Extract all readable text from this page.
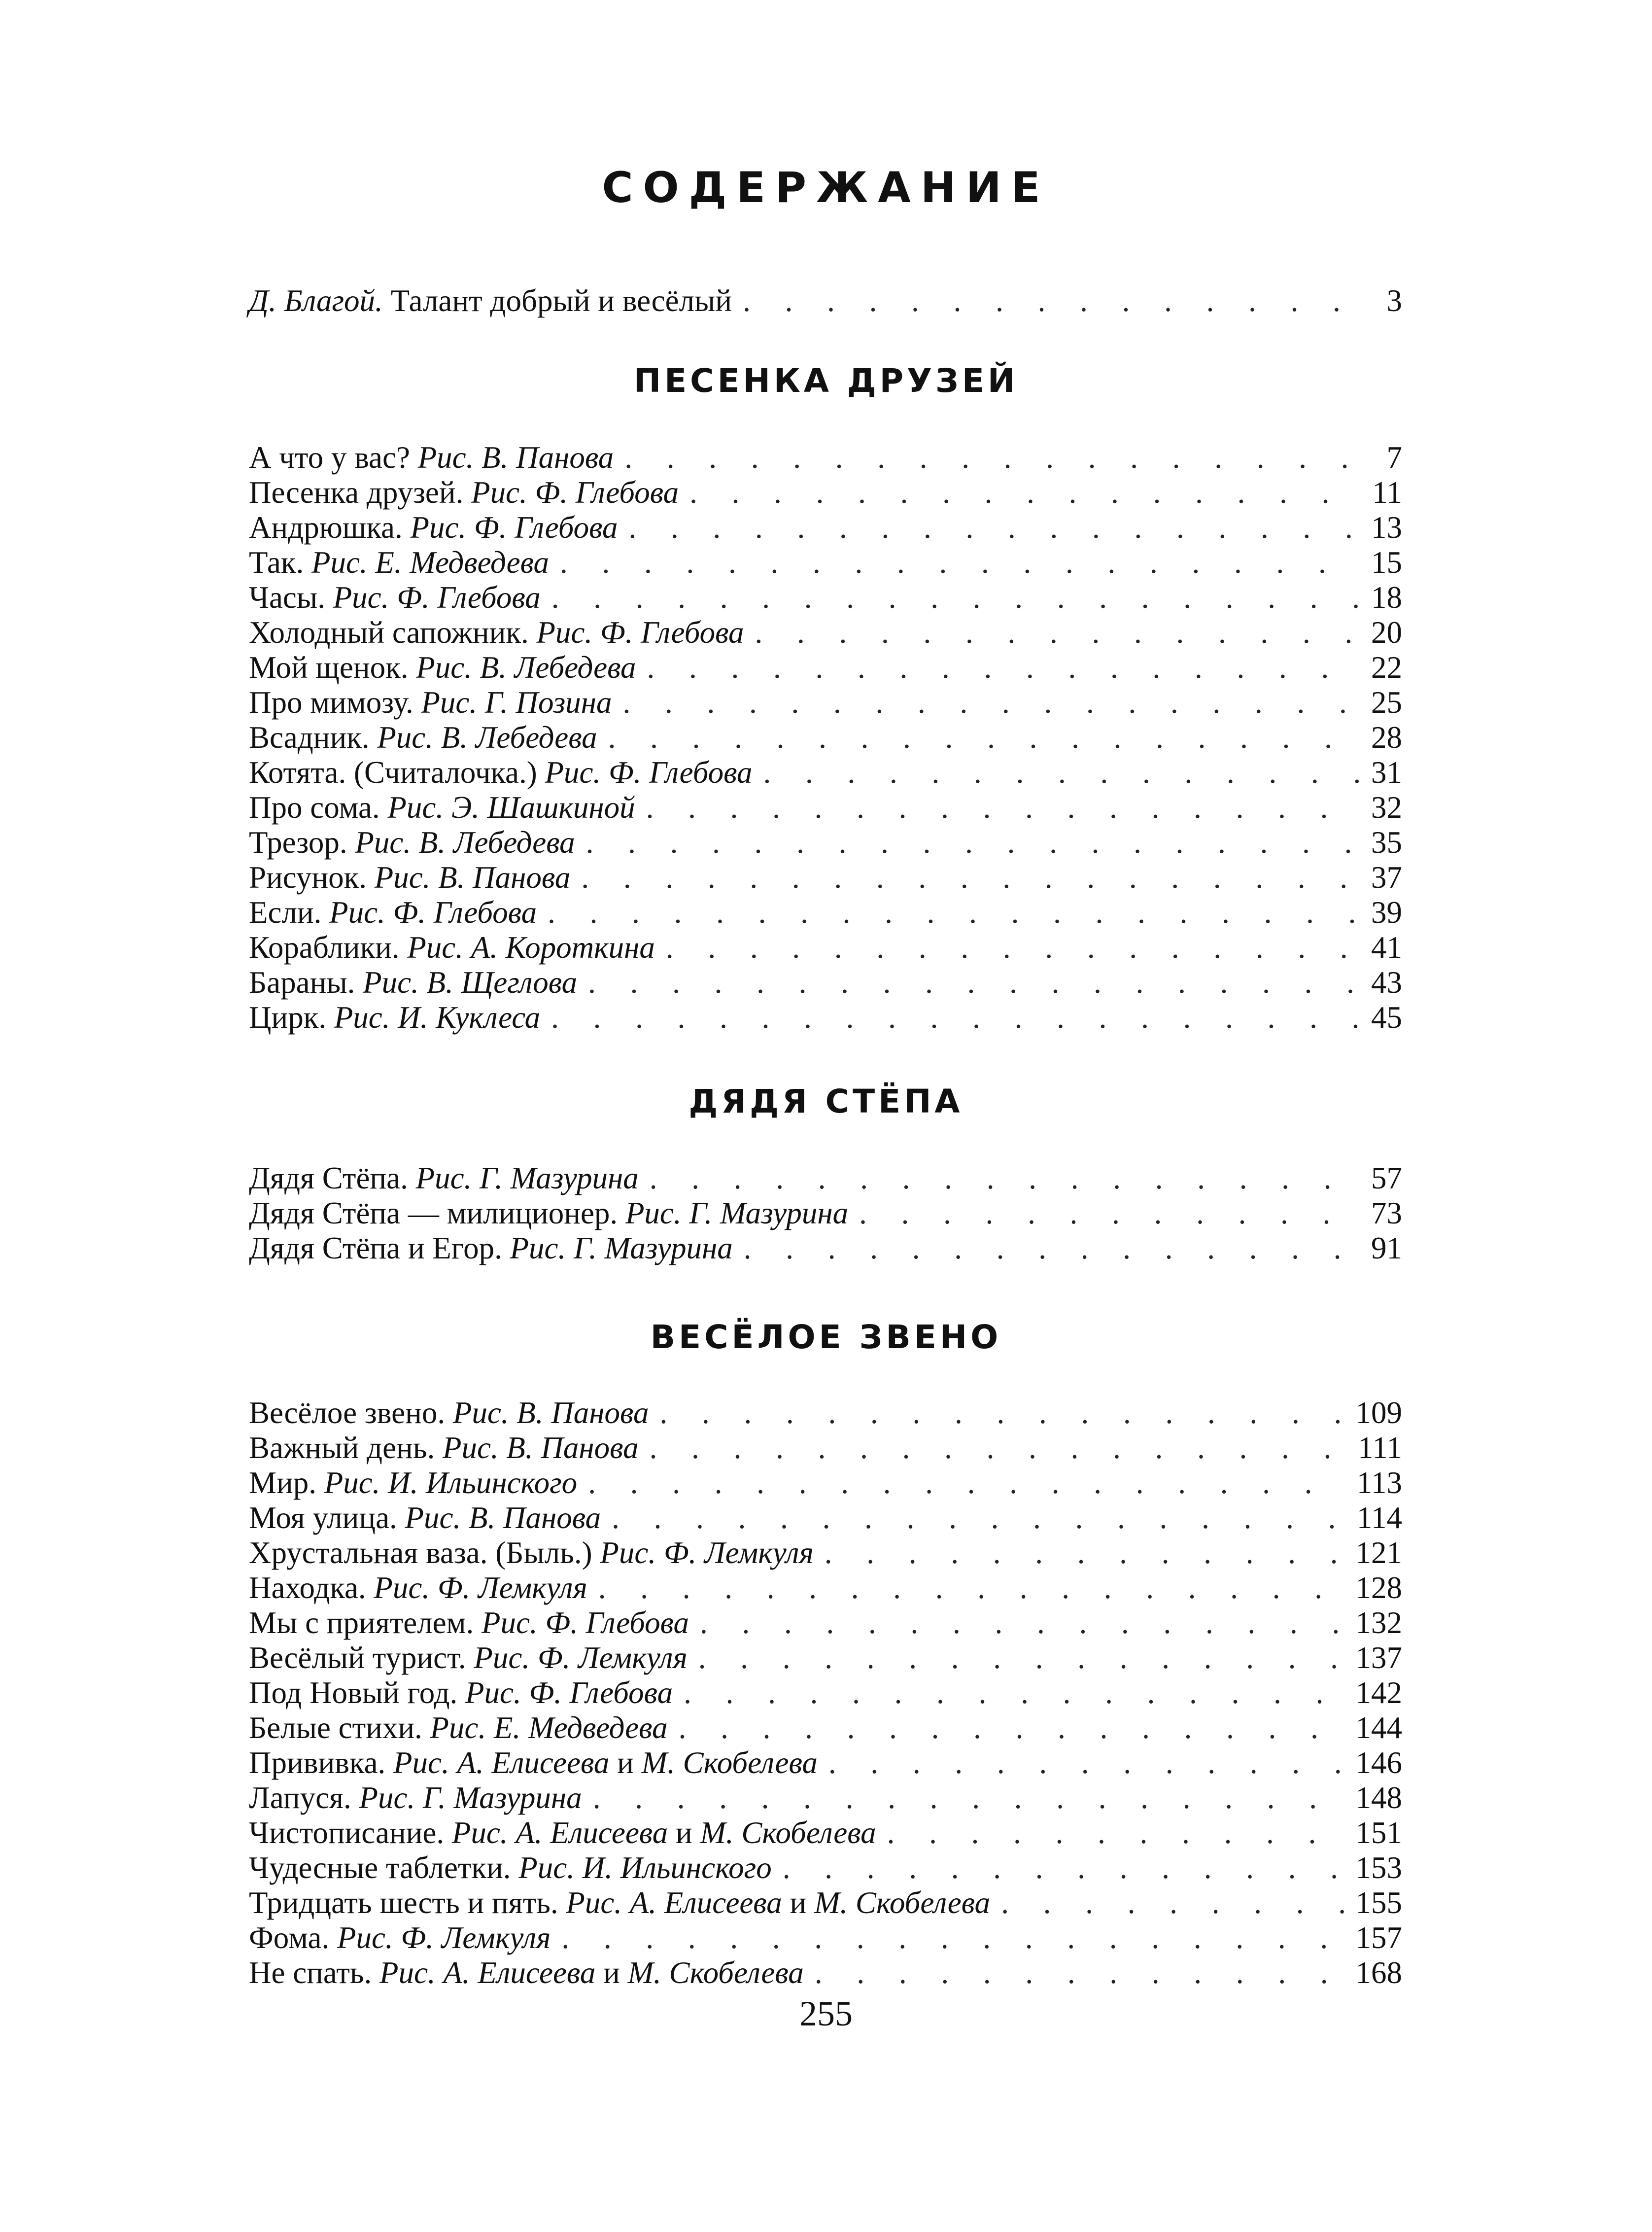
СОДЕРЖАНИЕ
Д. Благой. Талант добрый и весёлый . . .	3
ПЕСЕНКА ДРУЗЕЙ
А что у вас? Рис. В. Панова . . .	7
Песенка друзей. Рис. Ф. Глебова . . .	11
Андрюшка. Рис. Ф. Глебова . . .	13
Так. Рис. Е. Медведева . . .	15
Часы. Рис. Ф. Глебова . . .	18
Холодный сапожник. Рис. Ф. Глебова . . .	20
Мой щенок. Рис. В. Лебедева . . .	22
Про мимозу. Рис. Г. Позина . . .	25
Всадник. Рис. В. Лебедева . . .	28
Котята. (Считалочка.) Рис. Ф. Глебова . . .	31
Про сома. Рис. Э. Шашкиной . . .	32
Трезор. Рис. В. Лебедева . . .	35
Рисунок. Рис. В. Панова . . .	37
Если. Рис. Ф. Глебова . . .	39
Кораблики. Рис. А. Короткина . . .	41
Бараны. Рис. В. Щеглова . . .	43
Цирк. Рис. И. Куклеса . . .	45
ДЯДЯ СТЁПА
Дядя Стёпа. Рис. Г. Мазурина . . .	57
Дядя Стёпа — милиционер. Рис. Г. Мазурина . . .	73
Дядя Стёпа и Егор. Рис. Г. Мазурина . . .	91
ВЕСЁЛОЕ ЗВЕНО
Весёлое звено. Рис. В. Панова . . .	109
Важный день. Рис. В. Панова . . .	111
Мир. Рис. И. Ильинского . . .	113
Моя улица. Рис. В. Панова . . .	114
Хрустальная ваза. (Быль.) Рис. Ф. Лемкуля . . .	121
Находка. Рис. Ф. Лемкуля . . .	128
Мы с приятелем. Рис. Ф. Глебова . . .	132
Весёлый турист. Рис. Ф. Лемкуля . . .	137
Под Новый год. Рис. Ф. Глебова . . .	142
Белые стихи. Рис. Е. Медведева . . .	144
Прививка. Рис. А. Елисеева и М. Скобелева . . .	146
Лапуся. Рис. Г. Мазурина . . .	148
Чистописание. Рис. А. Елисеева и М. Скобелева . . .	151
Чудесные таблетки. Рис. И. Ильинского . . .	153
Тридцать шесть и пять. Рис. А. Елисеева и М. Скобелева . . .	155
Фома. Рис. Ф. Лемкуля . . .	157
Не спать. Рис. А. Елисеева и М. Скобелева . . .	168
255
